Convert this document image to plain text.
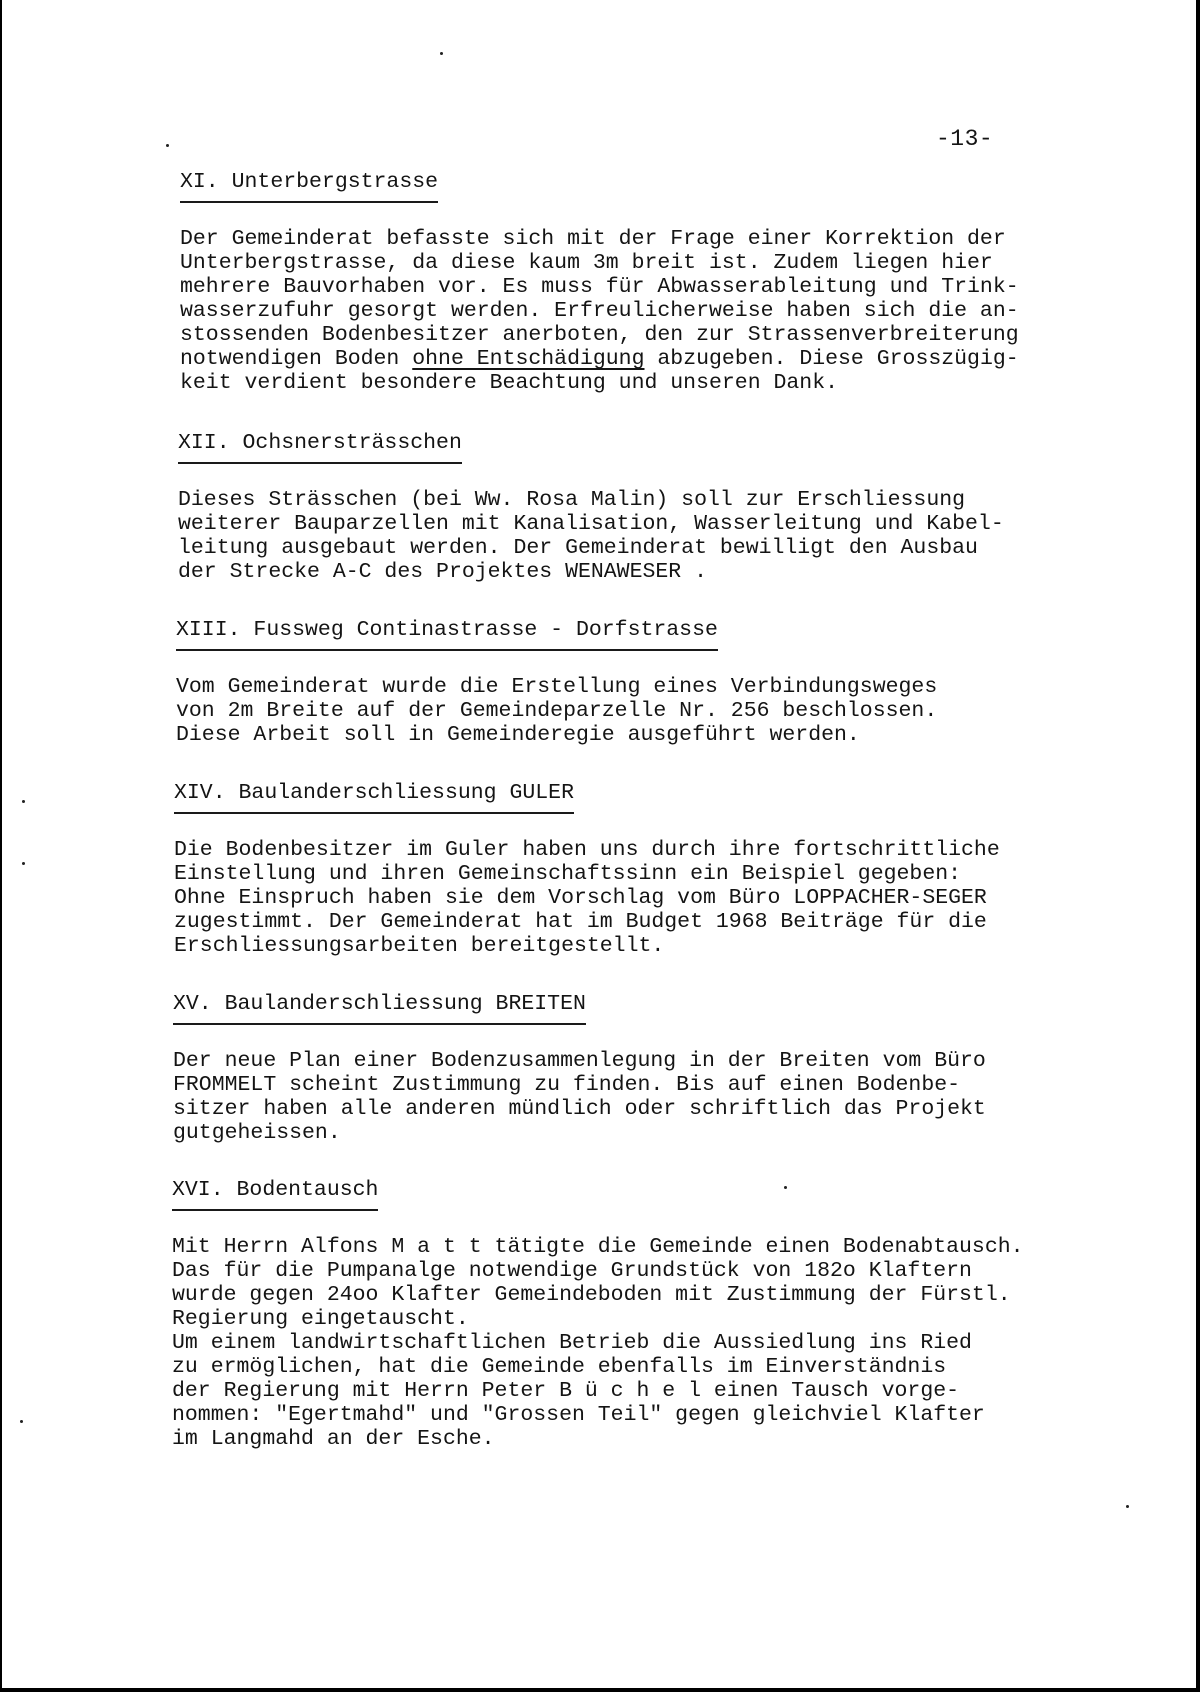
-13-
XI. Unterbergstrasse

Der Gemeinderat befasste sich mit der Frage einer Korrektion der
Unterbergstrasse, da diese kaum 3m breit ist. Zudem liegen hier
mehrere Bauvorhaben vor. Es muss für Abwasserableitung und Trink-
wasserzufuhr gesorgt werden. Erfreulicherweise haben sich die an-
stossenden Bodenbesitzer anerboten, den zur Strassenverbreiterung
notwendigen Boden ohne Entschädigung abzugeben. Diese Grosszügig-
keit verdient besondere Beachtung und unseren Dank.

XII. Ochsnersträsschen

Dieses Strässchen (bei Ww. Rosa Malin) soll zur Erschliessung
weiterer Bauparzellen mit Kanalisation, Wasserleitung und Kabel-
leitung ausgebaut werden. Der Gemeinderat bewilligt den Ausbau
der Strecke A-C des Projektes WENAWESER .

XIII. Fussweg Continastrasse - Dorfstrasse

Vom Gemeinderat wurde die Erstellung eines Verbindungsweges
von 2m Breite auf der Gemeindeparzelle Nr. 256 beschlossen.
Diese Arbeit soll in Gemeinderegie ausgeführt werden.

XIV. Baulanderschliessung GULER

Die Bodenbesitzer im Guler haben uns durch ihre fortschrittliche
Einstellung und ihren Gemeinschaftssinn ein Beispiel gegeben:
Ohne Einspruch haben sie dem Vorschlag vom Büro LOPPACHER-SEGER
zugestimmt. Der Gemeinderat hat im Budget 1968 Beiträge für die
Erschliessungsarbeiten bereitgestellt.

XV. Baulanderschliessung BREITEN

Der neue Plan einer Bodenzusammenlegung in der Breiten vom Büro
FROMMELT scheint Zustimmung zu finden. Bis auf einen Bodenbe-
sitzer haben alle anderen mündlich oder schriftlich das Projekt
gutgeheissen.

XVI. Bodentausch

Mit Herrn Alfons M a t t tätigte die Gemeinde einen Bodenabtausch.
Das für die Pumpanalge notwendige Grundstück von 182o Klaftern
wurde gegen 24oo Klafter Gemeindeboden mit Zustimmung der Fürstl.
Regierung eingetauscht.
Um einem landwirtschaftlichen Betrieb die Aussiedlung ins Ried
zu ermöglichen, hat die Gemeinde ebenfalls im Einverständnis
der Regierung mit Herrn Peter B ü c h e l einen Tausch vorge-
nommen: "Egertmahd" und "Grossen Teil" gegen gleichviel Klafter
im Langmahd an der Esche.
